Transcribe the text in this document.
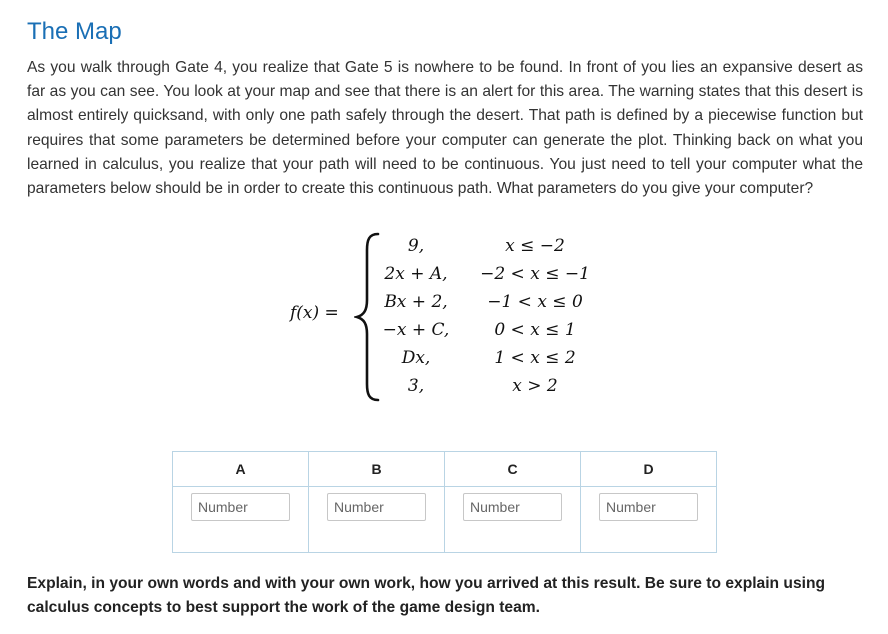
The Map

As you walk through Gate 4, you realize that Gate 5 is nowhere to be found. In front of you lies an expansive desert as far as you can see. You look at your map and see that there is an alert for this area. The warning states that this desert is almost entirely quicksand, with only one path safely through the desert. That path is defined by a piecewise function but requires that some parameters be determined before your computer can generate the plot. Thinking back on what you learned in calculus, you realize that your path will need to be continuous. You just need to tell your computer what the parameters below should be in order to create this continuous path. What parameters do you give your computer?

f(x) =
9,	x ≤ −2
2x + A,	−2 < x ≤ −1
Bx + 2,	−1 < x ≤ 0
−x + C,	0 < x ≤ 1
Dx,	1 < x ≤ 2
3,	x > 2
A	B	C	D
Number	Number	Number	Number

Explain, in your own words and with your own work, how you arrived at this result. Be sure to explain using calculus concepts to best support the work of the game design team.
